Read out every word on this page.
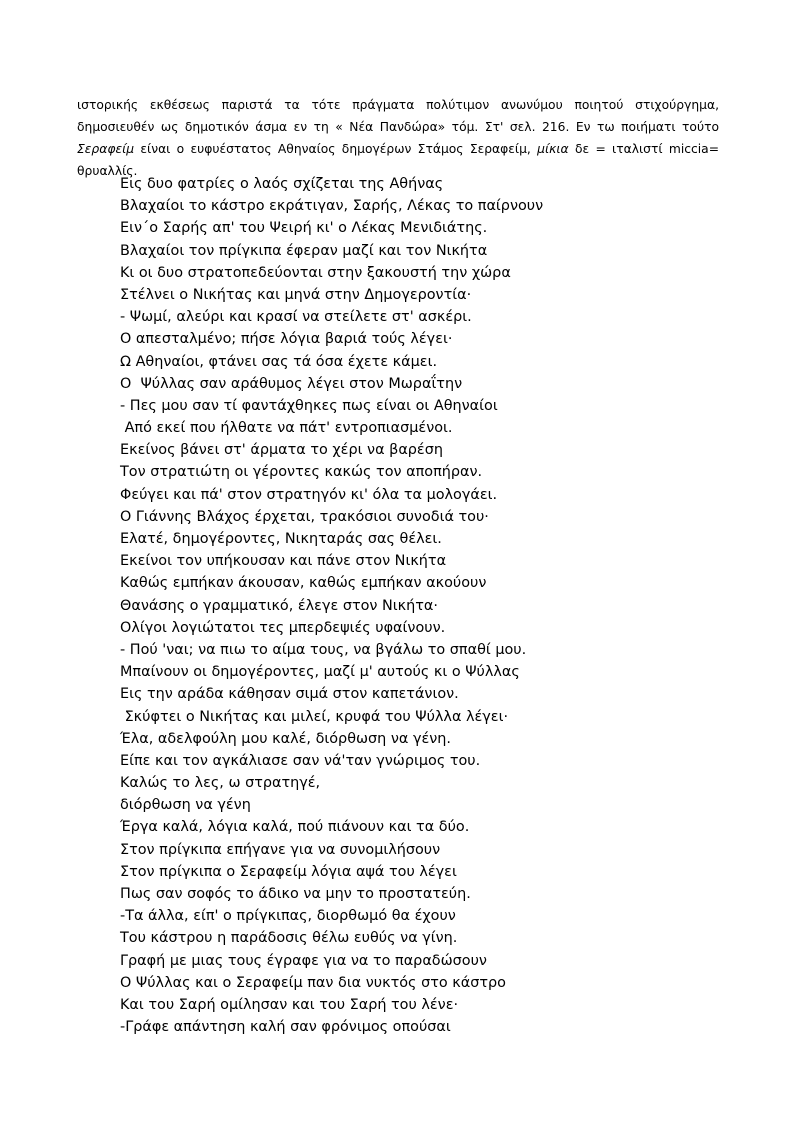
ιστορικής εκθέσεως παριστά τα τότε πράγματα πολύτιμον ανωνύμου ποιητού στιχούργημα, δημοσιευθέν ως δημοτικόν άσμα εν τη « Νέα Πανδώρα» τόμ. Στ' σελ. 216. Εν τω ποιήματι τούτο Σεραφείμ είναι ο ευφυέστατος Αθηναίος δημογέρων Στάμος Σεραφείμ, μίκια δε = ιταλιστί miccia= θρυαλλίς.

Εις δυο φατρίες ο λαός σχίζεται της Αθήνας
Βλαχαίοι το κάστρο εκράτιγαν, Σαρής, Λέκας το παίρνουν
Ειν΄ο Σαρής απ' του Ψειρή κι' ο Λέκας Μενιδιάτης.
Βλαχαίοι τον πρίγκιπα έφεραν μαζί και τον Νικήτα
Κι οι δυο στρατοπεδεύονται στην ξακουστή την χώρα
Στέλνει ο Νικήτας και μηνά στην Δημογεροντία·
- Ψωμί, αλεύρι και κρασί να στείλετε στ' ασκέρι.
Ο απεσταλμένο; πήσε λόγια βαριά τούς λέγει·
Ω Αθηναίοι, φτάνει σας τά όσα έχετε κάμει.
Ο  Ψύλλας σαν αράθυμος λέγει στον Μωραΐτην
- Πες μου σαν τί φαντάχθηκες πως είναι οι Αθηναίοι
Από εκεί που ήλθατε να πάτ' εντροπιασμένοι.
Εκείνος βάνει στ' άρματα το χέρι να βαρέση
Τον στρατιώτη οι γέροντες κακώς τον αποπήραν.
Φεύγει και πά' στον στρατηγόν κι' όλα τα μολογάει.
Ο Γιάννης Βλάχος έρχεται, τρακόσιοι συνοδιά του·
Ελατέ, δημογέροντες, Νικηταράς σας θέλει.
Εκείνοι τον υπήκουσαν και πάνε στον Νικήτα
Καθώς εμπήκαν άκουσαν, καθώς εμπήκαν ακούουν
Θανάσης ο γραμματικό, έλεγε στον Νικήτα·
Ολίγοι λογιώτατοι τες μπερδεψιές υφαίνουν.
- Πού 'ναι; να πιω το αίμα τους, να βγάλω το σπαθί μου.
Μπαίνουν οι δημογέροντες, μαζί μ' αυτούς κι ο Ψύλλας
Εις την αράδα κάθησαν σιμά στον καπετάνιον.
Σκύφτει ο Νικήτας και μιλεί, κρυφά του Ψύλλα λέγει·
Έλα, αδελφούλη μου καλέ, διόρθωση να γένη.
Είπε και τον αγκάλιασε σαν νά'ταν γνώριμος του.
Καλώς το λες, ω στρατηγέ,
διόρθωση να γένη
Έργα καλά, λόγια καλά, πού πιάνουν και τα δύο.
Στον πρίγκιπα επήγανε για να συνομιλήσουν
Στον πρίγκιπα ο Σεραφείμ λόγια αψά του λέγει
Πως σαν σοφός το άδικο να μην το προστατεύη.
-Τα άλλα, είπ' ο πρίγκιπας, διορθωμό θα έχουν
Του κάστρου η παράδοσις θέλω ευθύς να γίνη.
Γραφή με μιας τους έγραφε για να το παραδώσουν
Ο Ψύλλας και ο Σεραφείμ παν δια νυκτός στο κάστρο
Και του Σαρή ομίλησαν και του Σαρή του λένε·
-Γράφε απάντηση καλή σαν φρόνιμος οπούσαι
